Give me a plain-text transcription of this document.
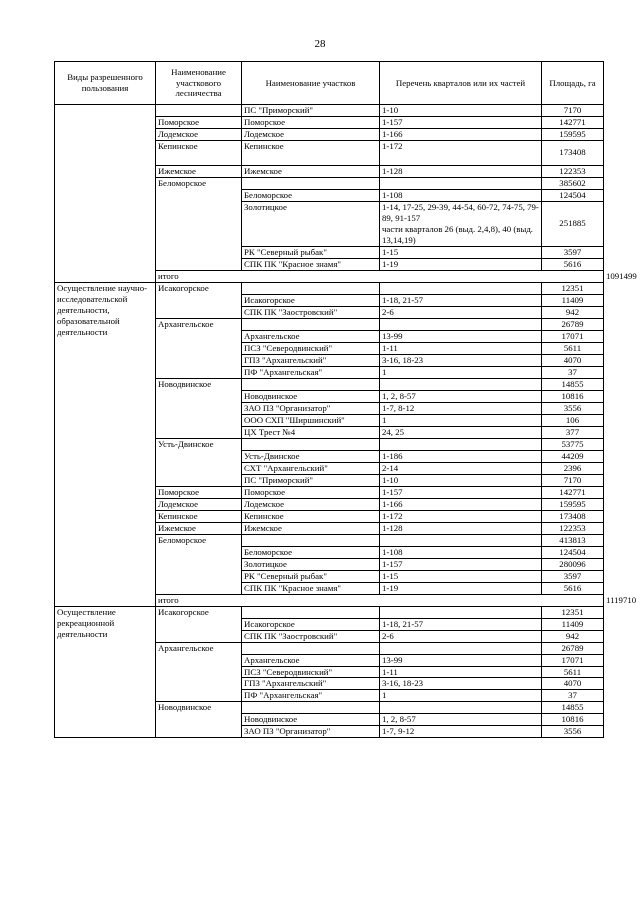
28
Виды разрешенного пользования	Наименование участкового лесничества	Наименование участков	Перечень кварталов или их частей	Площадь, га	
		ПС "Приморский"	1-10	7170	
	Поморское	Поморское	1-157	142771	
	Лодемское	Лодемское	1-166	159595	
	Кепинское	Кепинское	1-172	173408	
	Ижемское	Ижемское	1-128	122353	
	Беломорское			385602	
		Беломорское	1-108	124504	
		Золотицкое	1-14, 17-25, 29-39, 44-54, 60-72, 74-75, 79-89, 91-157
части кварталов 26 (выд. 2,4,8), 40 (выд. 13,14,19)	251885	
		РК "Северный рыбак"	1-15	3597	
		СПК ПК "Красное знамя"	1-19	5616	
	итого				1091499
Осуществление научно-исследовательской деятельности, образовательной деятельности	Исакогорское			12351	
		Исакогорское	1-18, 21-57	11409	
		СПК ПК "Заостровский"	2-6	942	
	Архангельское			26789	
		Архангельское	13-99	17071	
		ПСЗ "Северодвинский"	1-11	5611	
		ГПЗ "Архангельский"	3-16, 18-23	4070	
		ПФ "Архангельская"	1	37	
	Новодвинское			14855	
		Новодвинское	1, 2, 8-57	10816	
		ЗАО ПЗ "Организатор"	1-7, 8-12	3556	
		ООО СХП "Ширшинский"	1	106	
		ЦХ Трест №4	24, 25	377	
	Усть-Двинское			53775	
		Усть-Двинское	1-186	44209	
		СХТ "Архангельский"	2-14	2396	
		ПС "Приморский"	1-10	7170	
	Поморское	Поморское	1-157	142771	
	Лодемское	Лодемское	1-166	159595	
	Кепинское	Кепинское	1-172	173408	
	Ижемское	Ижемское	1-128	122353	
	Беломорское			413813	
		Беломорское	1-108	124504	
		Золотицкое	1-157	280096	
		РК "Северный рыбак"	1-15	3597	
		СПК ПК "Красное знамя"	1-19	5616	
	итого				1119710
Осуществление рекреационной деятельности	Исакогорское			12351	
		Исакогорское	1-18, 21-57	11409	
		СПК ПК "Заостровский"	2-6	942	
	Архангельское			26789	
		Архангельское	13-99	17071	
		ПСЗ "Северодвинский"	1-11	5611	
		ГПЗ "Архангельский"	3-16, 18-23	4070	
		ПФ "Архангельская"	1	37	
	Новодвинское			14855	
		Новодвинское	1, 2, 8-57	10816	
		ЗАО ПЗ "Организатор"	1-7, 9-12	3556	
